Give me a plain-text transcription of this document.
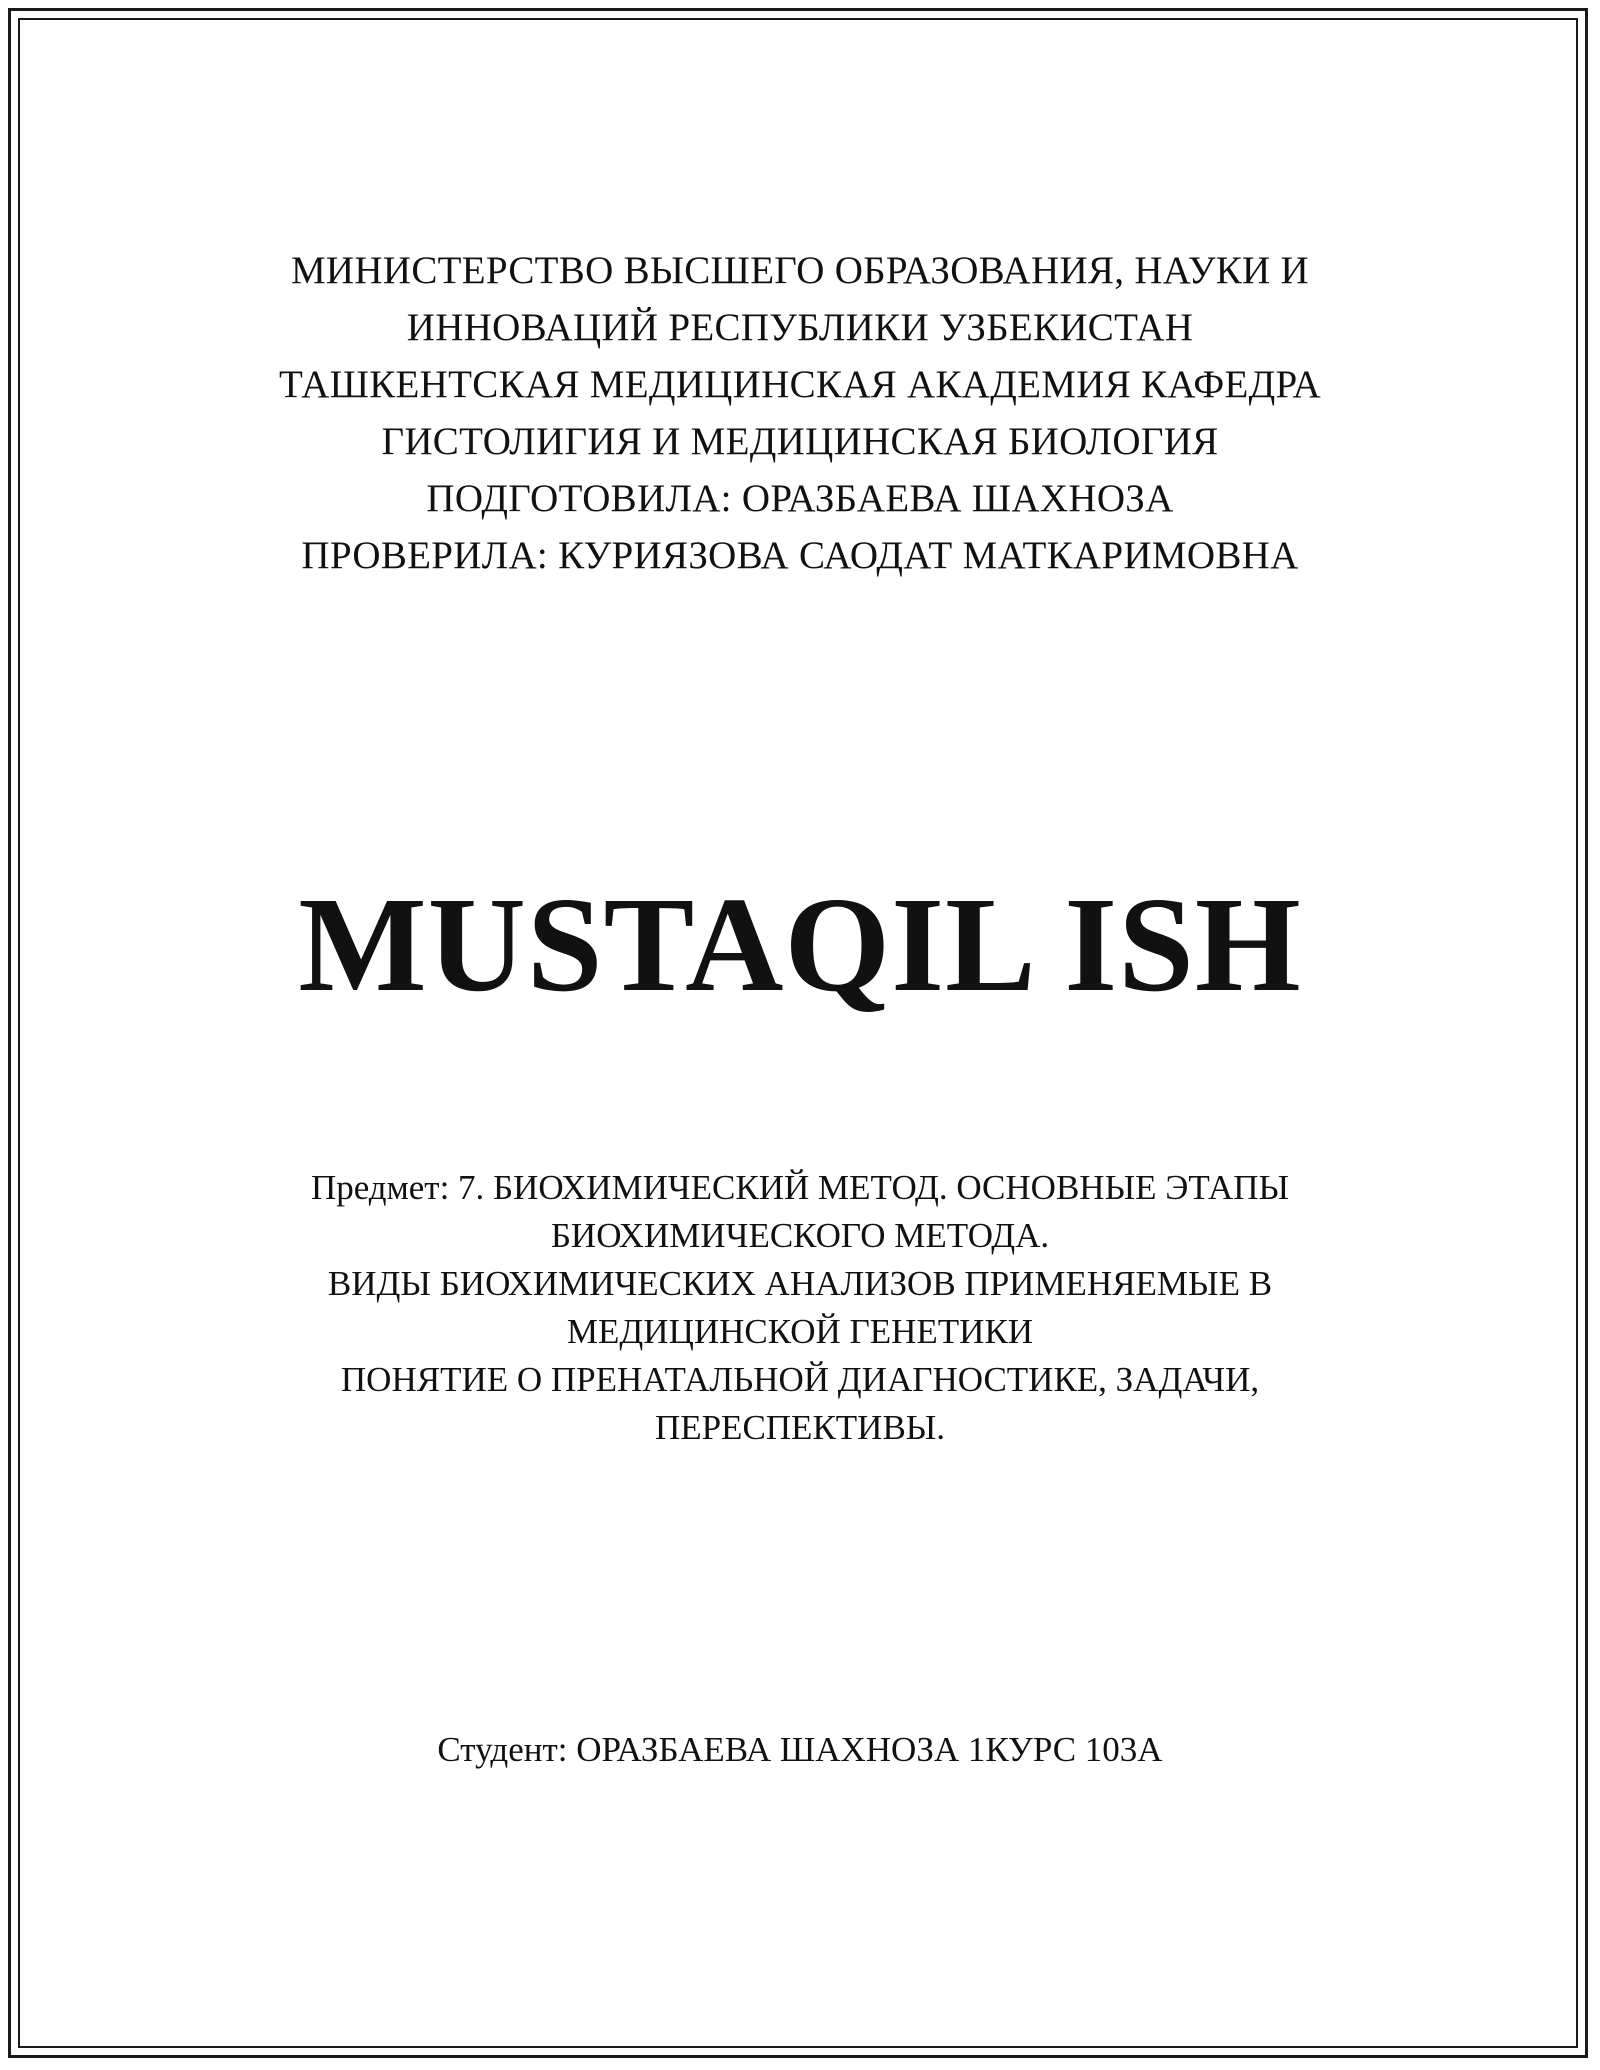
МИНИСТЕРСТВО ВЫСШЕГО ОБРАЗОВАНИЯ, НАУКИ И
ИННОВАЦИЙ РЕСПУБЛИКИ УЗБЕКИСТАН
ТАШКЕНТСКАЯ МЕДИЦИНСКАЯ АКАДЕМИЯ КАФЕДРА
ГИСТОЛИГИЯ И МЕДИЦИНСКАЯ БИОЛОГИЯ
ПОДГОТОВИЛА: ОРАЗБАЕВА ШАХНОЗА
ПРОВЕРИЛА: КУРИЯЗОВА САОДАТ МАТКАРИМОВНА
MUSTAQIL ISH
Предмет: 7. БИОХИМИЧЕСКИЙ МЕТОД. ОСНОВНЫЕ ЭТАПЫ
БИОХИМИЧЕСКОГО МЕТОДА.
ВИДЫ БИОХИМИЧЕСКИХ АНАЛИЗОВ ПРИМЕНЯЕМЫЕ В
МЕДИЦИНСКОЙ ГЕНЕТИКИ
ПОНЯТИЕ О ПРЕНАТАЛЬНОЙ ДИАГНОСТИКЕ, ЗАДАЧИ,
ПЕРЕСПЕКТИВЫ.
Студент: ОРАЗБАЕВА ШАХНОЗА 1КУРС 103А
